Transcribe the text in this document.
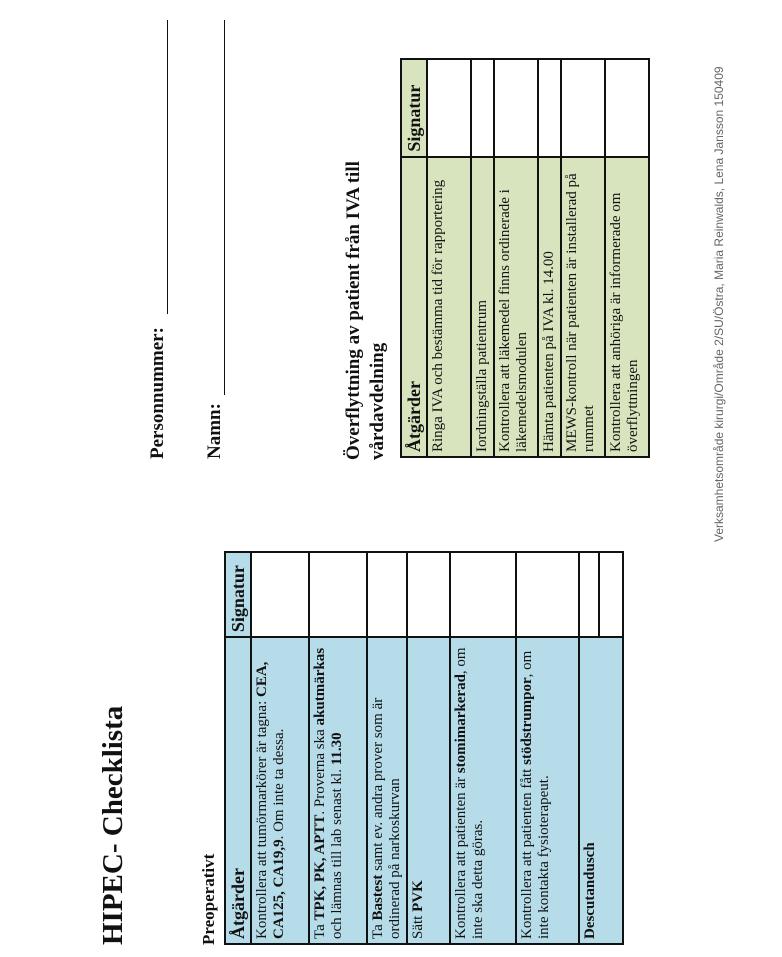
HIPEC- Checklista	Preoperativt Åtgärder	Signatur
Kontrollera att tumörmarkörer är tagna: CEA, CA125, CA19,9. Om inte ta dessa.	
Ta TPK, PK, APTT. Proverna ska akutmärkas och lämnas till lab senast kl. 11.30	
Ta Bastest samt ev. andra prover som är ordinerad på narkoskurvan	
Sätt PVK	
Kontrollera att patienten är stomimarkerad, om inte ska detta göras.	
Kontrollera att patienten fått stödstrumpor, om inte kontakta fysioterapeut.	
Descutandusch	
Personnummer: Namn:	Överflyttning av patient från IVA till vårdavdelning Åtgärder	Signatur
Ringa IVA och bestämma tid för rapportering	
Iordningställa patientrum	
Kontrollera att läkemedel finns ordinerade i läkemedelsmodulen	
Hämta patienten på IVA kl. 14.00	
MEWS-kontroll när patienten är installerad på rummet	
Kontrollera att anhöriga är informerade om överflyttningen		Verksamhetsområde kirurgi/Område 2/SU/Östra, Maria Reinwalds, Lena Jansson 150409
